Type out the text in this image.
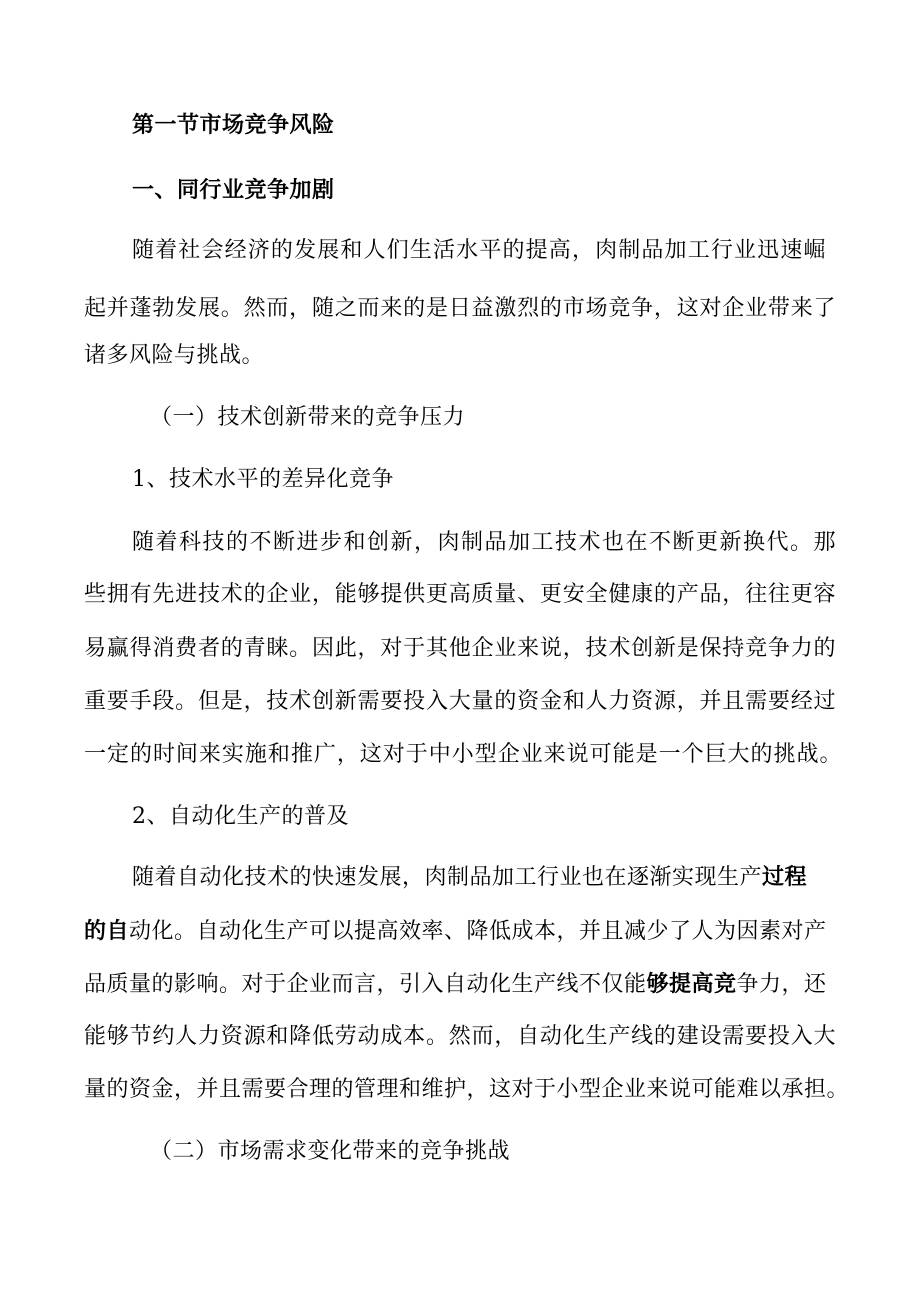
第一节市场竞争风险
一、同行业竞争加剧
随着社会经济的发展和人们生活水平的提高，肉制品加工行业迅速崛
起并蓬勃发展。然而，随之而来的是日益激烈的市场竞争，这对企业带来了
诸多风险与挑战。
（一）技术创新带来的竞争压力
1、技术水平的差异化竞争
随着科技的不断进步和创新，肉制品加工技术也在不断更新换代。那
些拥有先进技术的企业，能够提供更高质量、更安全健康的产品，往往更容
易赢得消费者的青睐。因此，对于其他企业来说，技术创新是保持竞争力的
重要手段。但是，技术创新需要投入大量的资金和人力资源，并且需要经过
一定的时间来实施和推广，这对于中小型企业来说可能是一个巨大的挑战。
2、自动化生产的普及
随着自动化技术的快速发展，肉制品加工行业也在逐渐实现生产过程
的自动化。自动化生产可以提高效率、降低成本，并且减少了人为因素对产
品质量的影响。对于企业而言，引入自动化生产线不仅能够提高竞争力，还
能够节约人力资源和降低劳动成本。然而，自动化生产线的建设需要投入大
量的资金，并且需要合理的管理和维护，这对于小型企业来说可能难以承担。
（二）市场需求变化带来的竞争挑战
